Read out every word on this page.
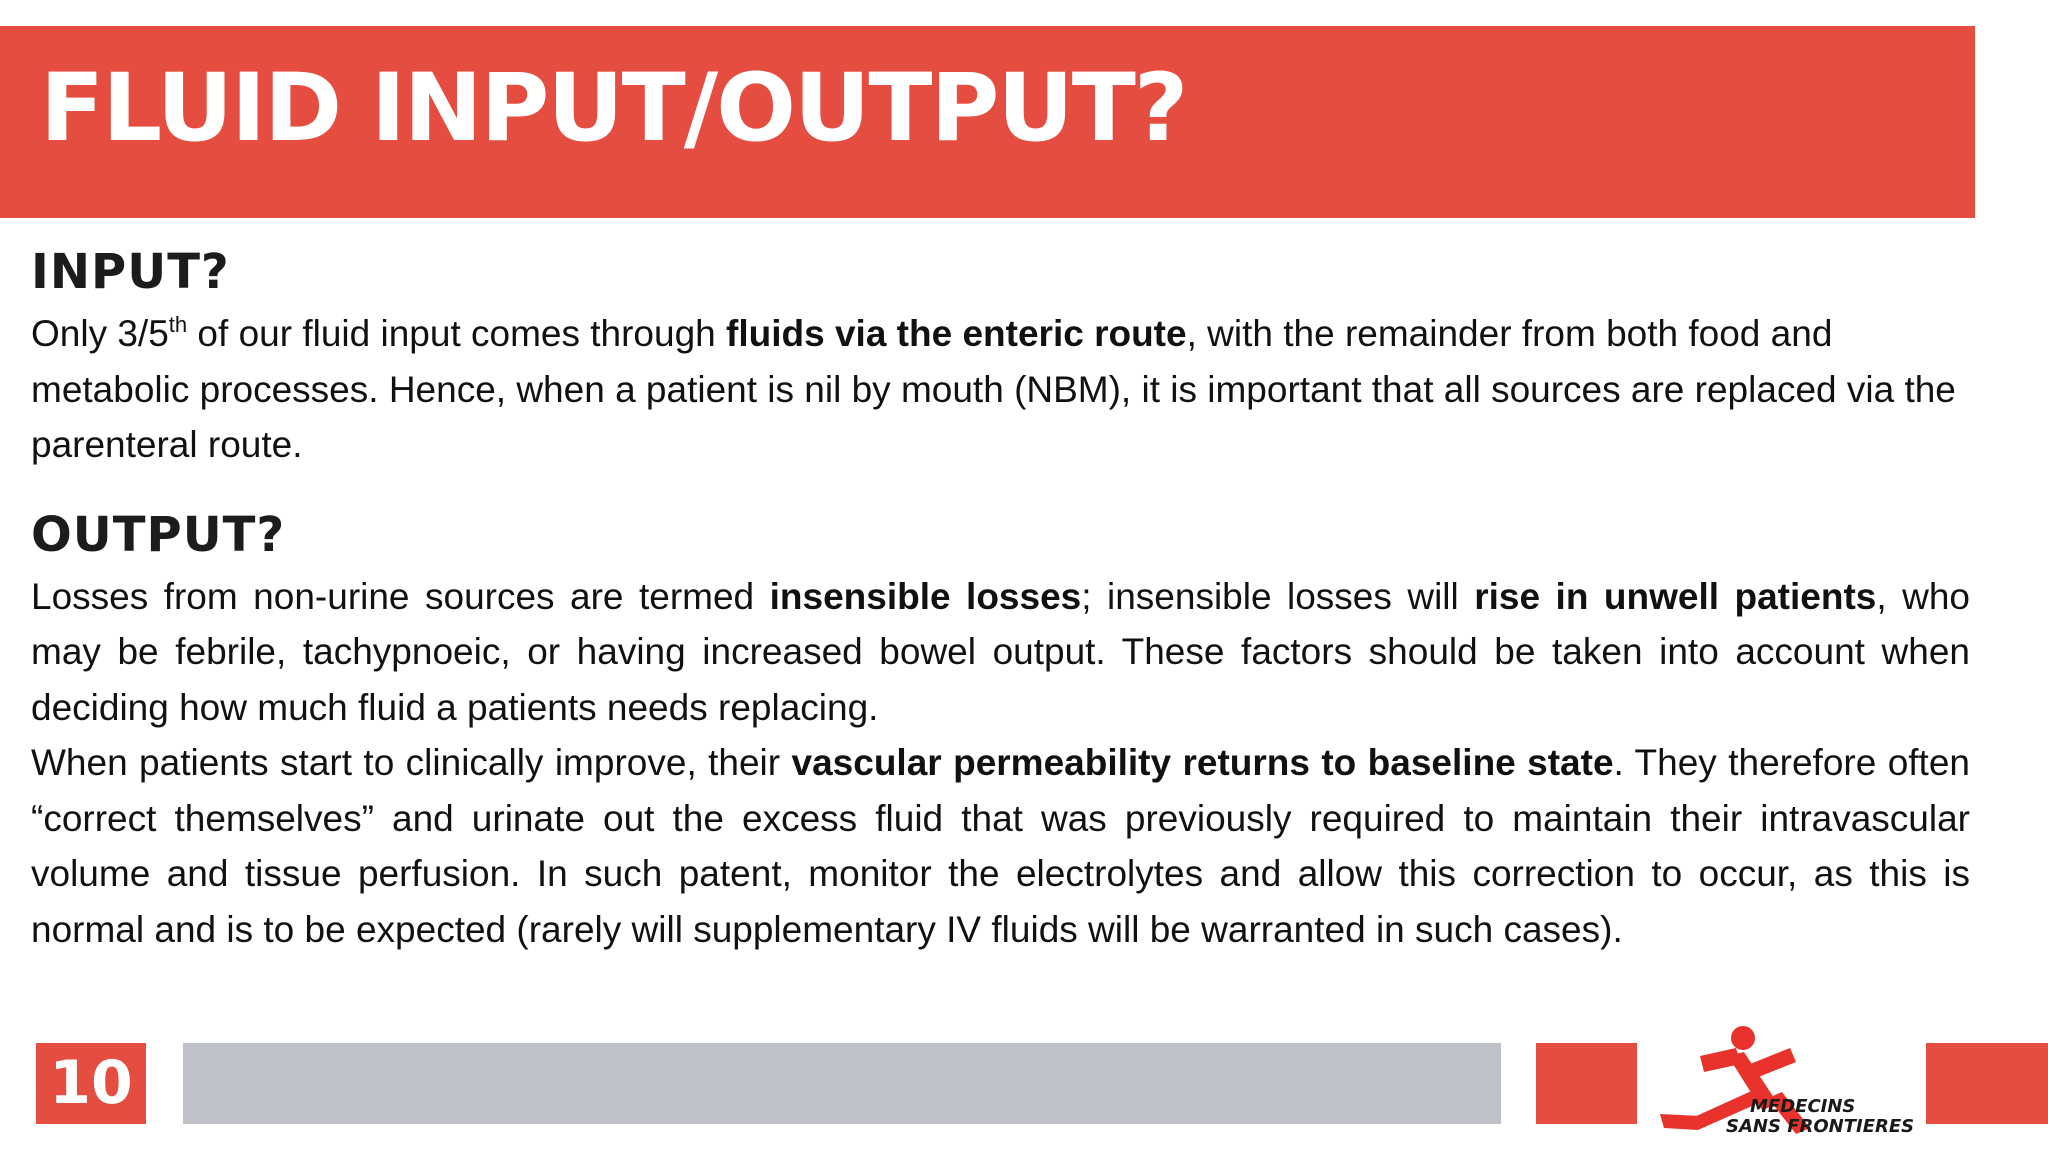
FLUID INPUT/OUTPUT?
INPUT?

Only 3/5th of our fluid input comes through fluids via the enteric route, with the remainder from both food and metabolic processes. Hence, when a patient is nil by mouth (NBM), it is important that all sources are replaced via the parenteral route.

OUTPUT?

Losses from non-urine sources are termed insensible losses; insensible losses will rise in unwell patients, who may be febrile, tachypnoeic, or having increased bowel output. These factors should be taken into account when deciding how much fluid a patients needs replacing.

When patients start to clinically improve, their vascular permeability returns to baseline state. They therefore often “correct themselves” and urinate out the excess fluid that was previously required to maintain their intravascular volume and tissue perfusion. In such patent, monitor the electrolytes and allow this correction to occur, as this is normal and is to be expected (rarely will supplementary IV fluids will be warranted in such cases).

10	MEDECINS
SANS FRONTIERES
